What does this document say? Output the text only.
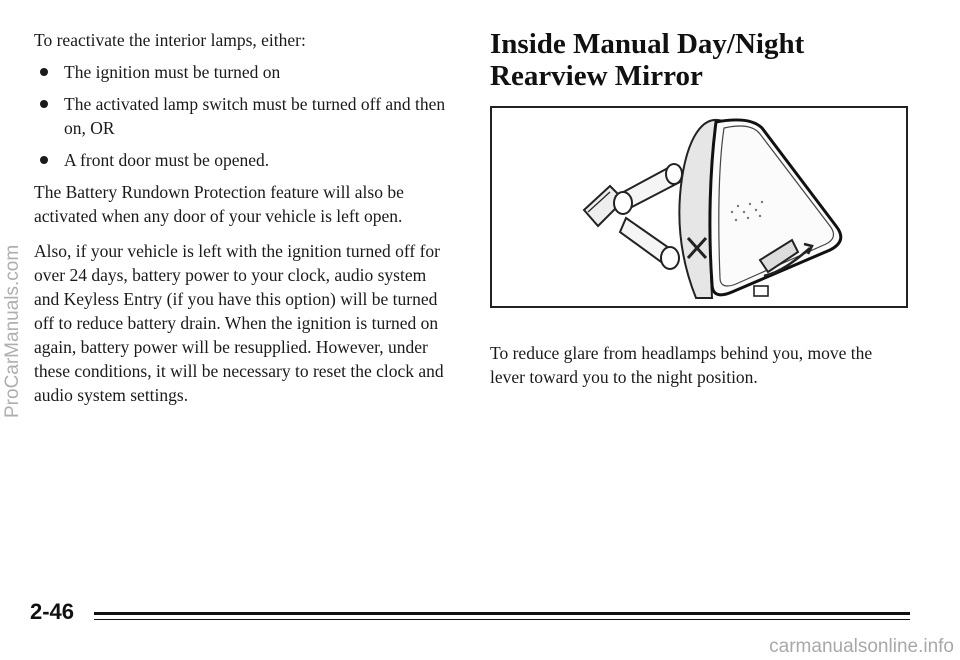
To reactivate the interior lamps, either:

The ignition must be turned on
The activated lamp switch must be turned off and then on, OR
A front door must be opened.

The Battery Rundown Protection feature will also be activated when any door of your vehicle is left open.

Also, if your vehicle is left with the ignition turned off for over 24 days, battery power to your clock, audio system and Keyless Entry (if you have this option) will be turned off to reduce battery drain. When the ignition is turned on again, battery power will be resupplied. However, under these conditions, it will be necessary to reset the clock and audio system settings.

Inside Manual Day/Night Rearview Mirror

To reduce glare from headlamps behind you, move the lever toward you to the night position.

2-46
ProCarManuals.com
carmanualsonline.info
